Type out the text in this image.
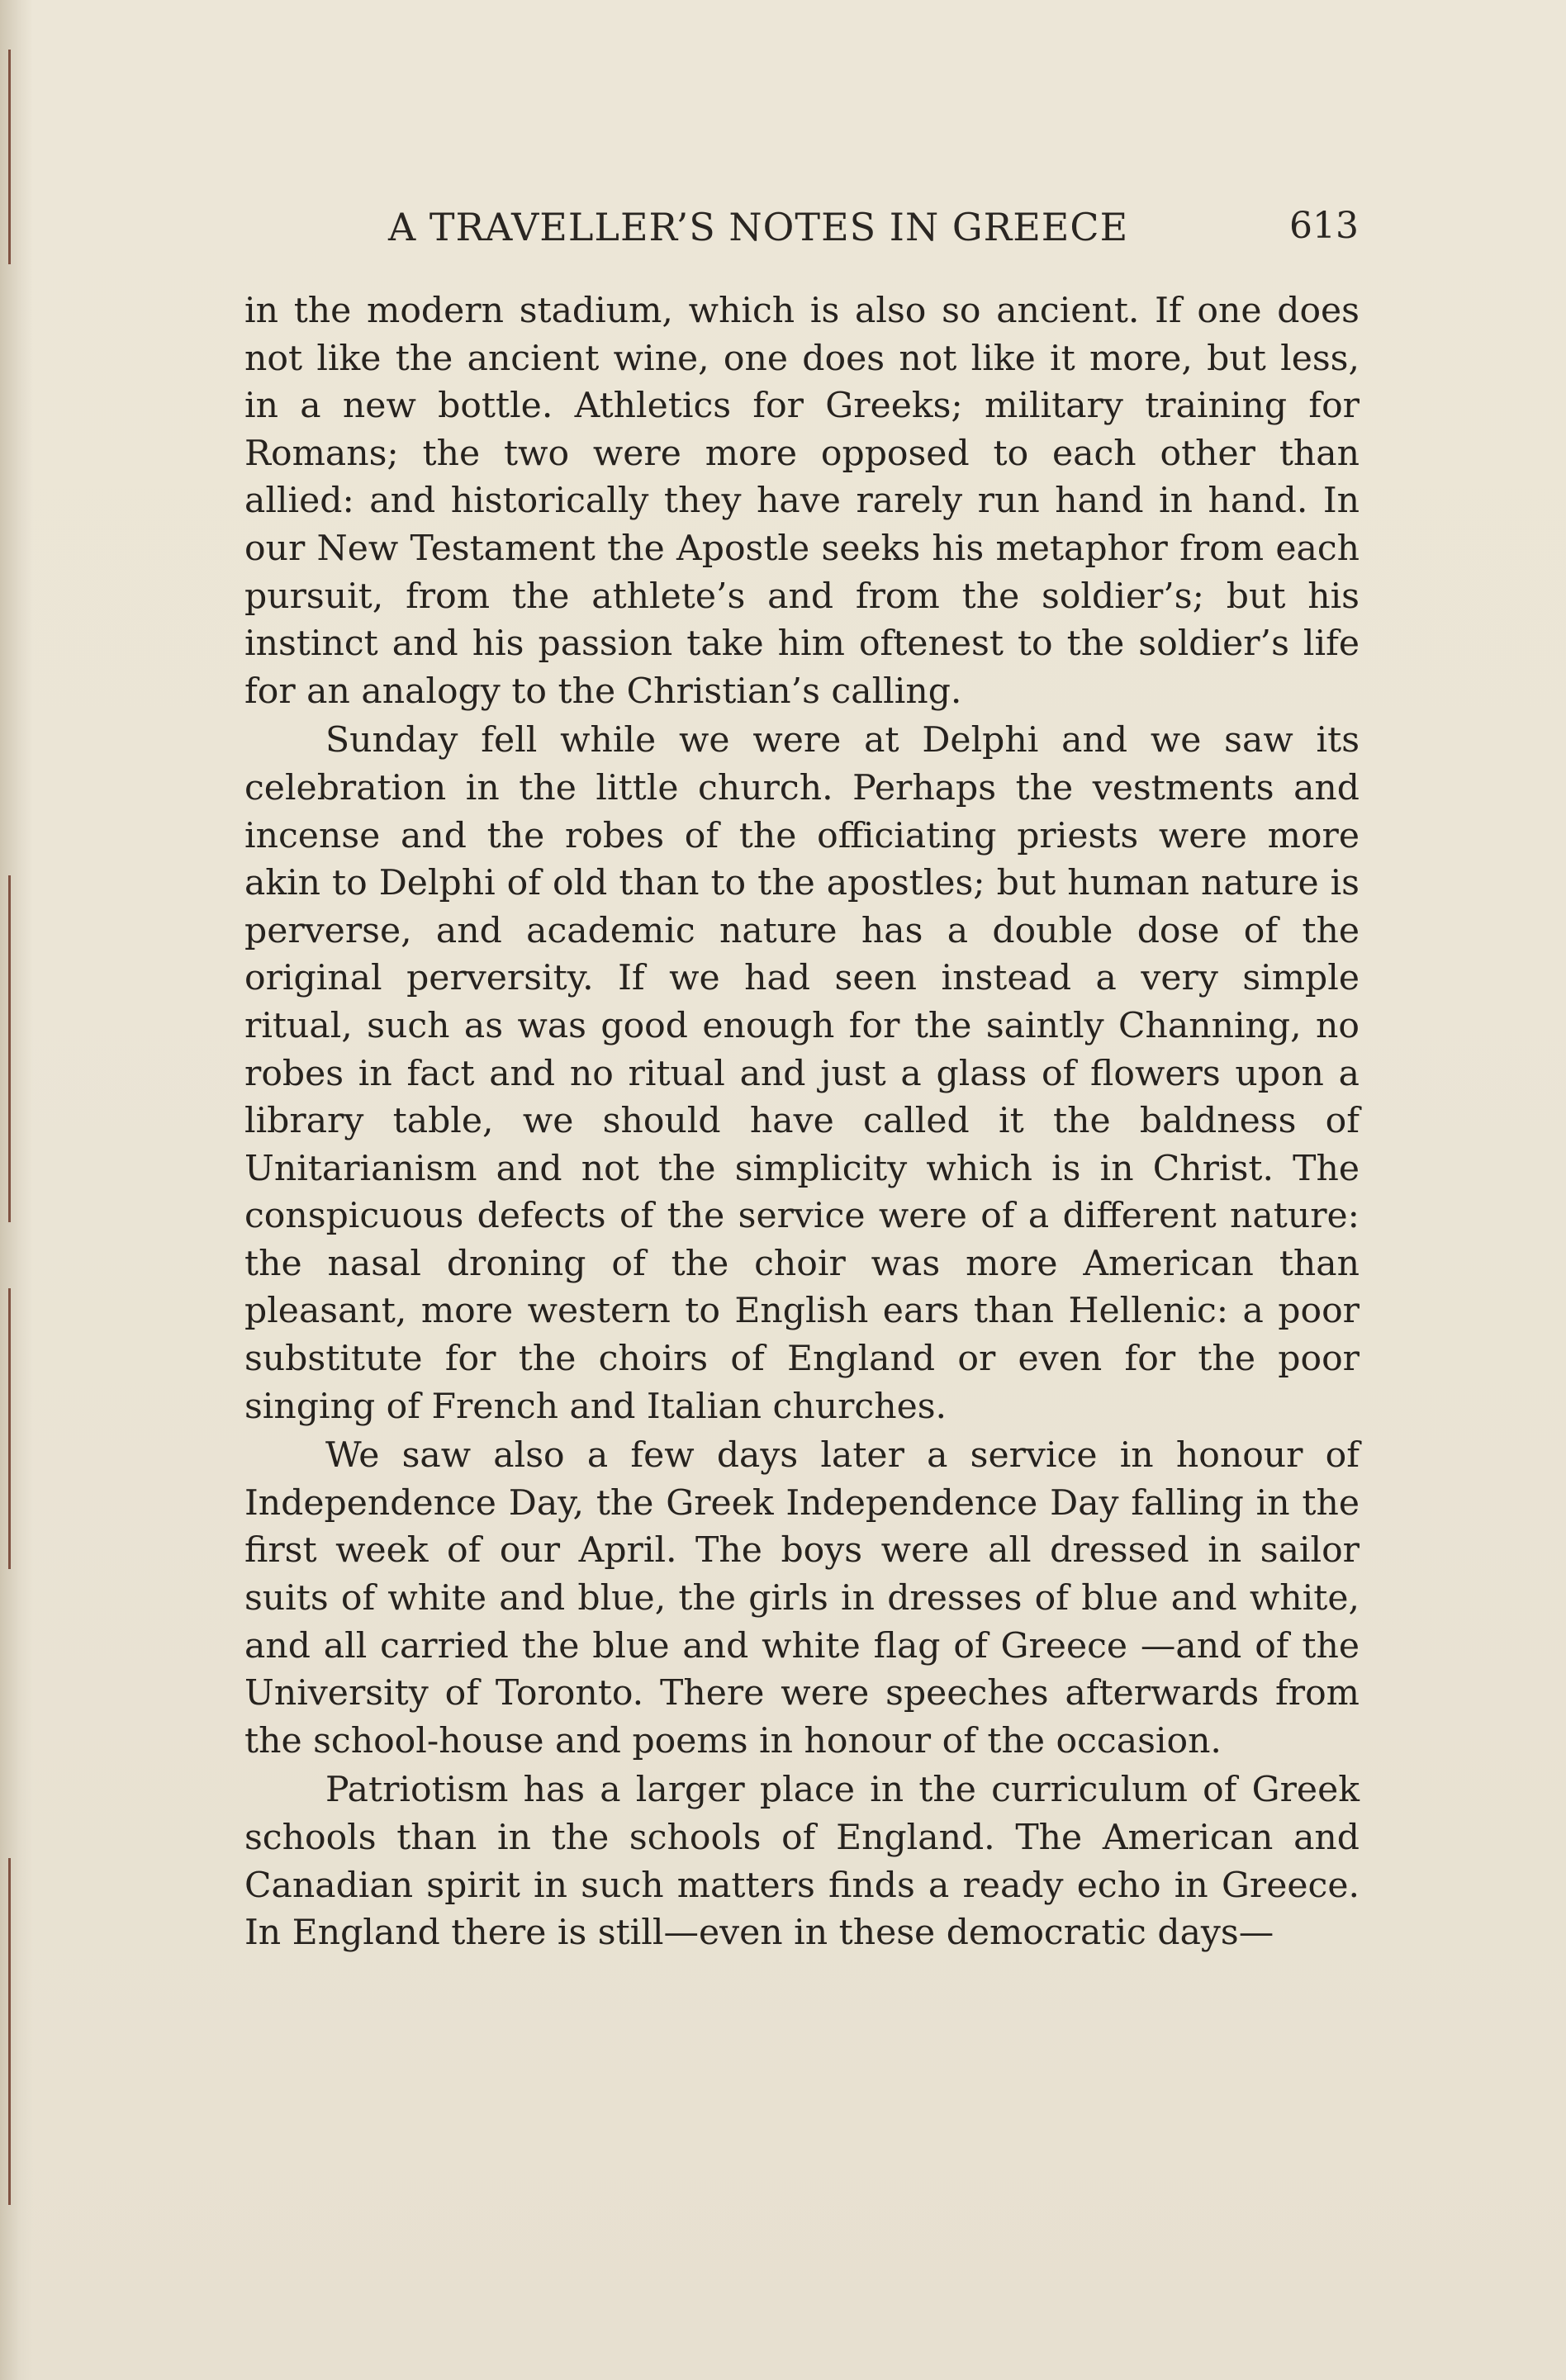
A TRAVELLER’S NOTES IN GREECE	613

in the modern stadium, which is also so ancient. If one does not like the ancient wine, one does not like it more, but less, in a new bottle. Athletics for Greeks; military training for Romans; the two were more opposed to each other than allied: and historically they have rarely run hand in hand. In our New Testament the Apostle seeks his metaphor from each pursuit, from the athlete’s and from the soldier’s; but his instinct and his passion take him oftenest to the soldier’s life for an analogy to the Christian’s calling.

Sunday fell while we were at Delphi and we saw its celebration in the little church. Perhaps the vestments and incense and the robes of the officiating priests were more akin to Delphi of old than to the apostles; but human nature is perverse, and academic nature has a double dose of the original perversity. If we had seen instead a very simple ritual, such as was good enough for the saintly Channing, no robes in fact and no ritual and just a glass of flowers upon a library table, we should have called it the baldness of Unitarianism and not the simplicity which is in Christ. The conspicuous defects of the service were of a different nature: the nasal droning of the choir was more American than pleasant, more western to English ears than Hellenic: a poor substitute for the choirs of England or even for the poor singing of French and Italian churches.

We saw also a few days later a service in honour of Independence Day, the Greek Independence Day falling in the first week of our April. The boys were all dressed in sailor suits of white and blue, the girls in dresses of blue and white, and all carried the blue and white flag of Greece —and of the University of Toronto. There were speeches afterwards from the school-house and poems in honour of the occasion.

Patriotism has a larger place in the curriculum of Greek schools than in the schools of England. The American and Canadian spirit in such matters finds a ready echo in Greece. In England there is still—even in these democratic days—
